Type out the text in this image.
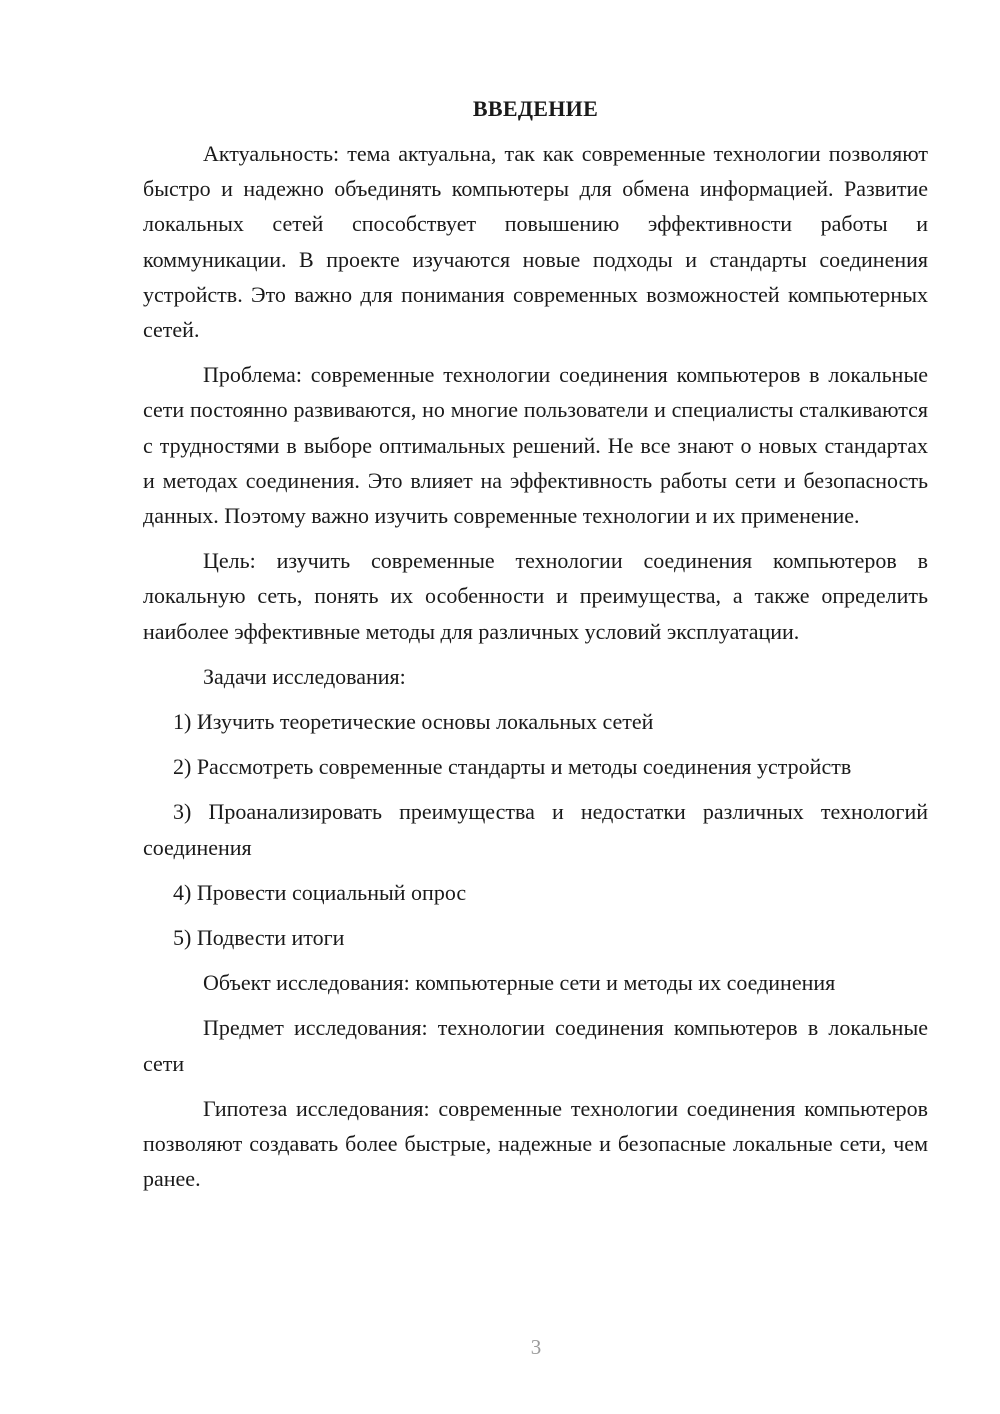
ВВЕДЕНИЕ

Актуальность: тема актуальна, так как современные технологии позволяют быстро и надежно объединять компьютеры для обмена информацией. Развитие локальных сетей способствует повышению эффективности работы и коммуникации. В проекте изучаются новые подходы и стандарты соединения устройств. Это важно для понимания современных возможностей компьютерных сетей.

Проблема: современные технологии соединения компьютеров в локальные сети постоянно развиваются, но многие пользователи и специалисты сталкиваются с трудностями в выборе оптимальных решений. Не все знают о новых стандартах и методах соединения. Это влияет на эффективность работы сети и безопасность данных. Поэтому важно изучить современные технологии и их применение.

Цель: изучить современные технологии соединения компьютеров в локальную сеть, понять их особенности и преимущества, а также определить наиболее эффективные методы для различных условий эксплуатации.

Задачи исследования:

1) Изучить теоретические основы локальных сетей

2) Рассмотреть современные стандарты и методы соединения устройств

3) Проанализировать преимущества и недостатки различных технологий соединения

4) Провести социальный опрос

5) Подвести итоги

Объект исследования: компьютерные сети и методы их соединения

Предмет исследования: технологии соединения компьютеров в локальные сети

Гипотеза исследования: современные технологии соединения компьютеров позволяют создавать более быстрые, надежные и безопасные локальные сети, чем ранее.

3
